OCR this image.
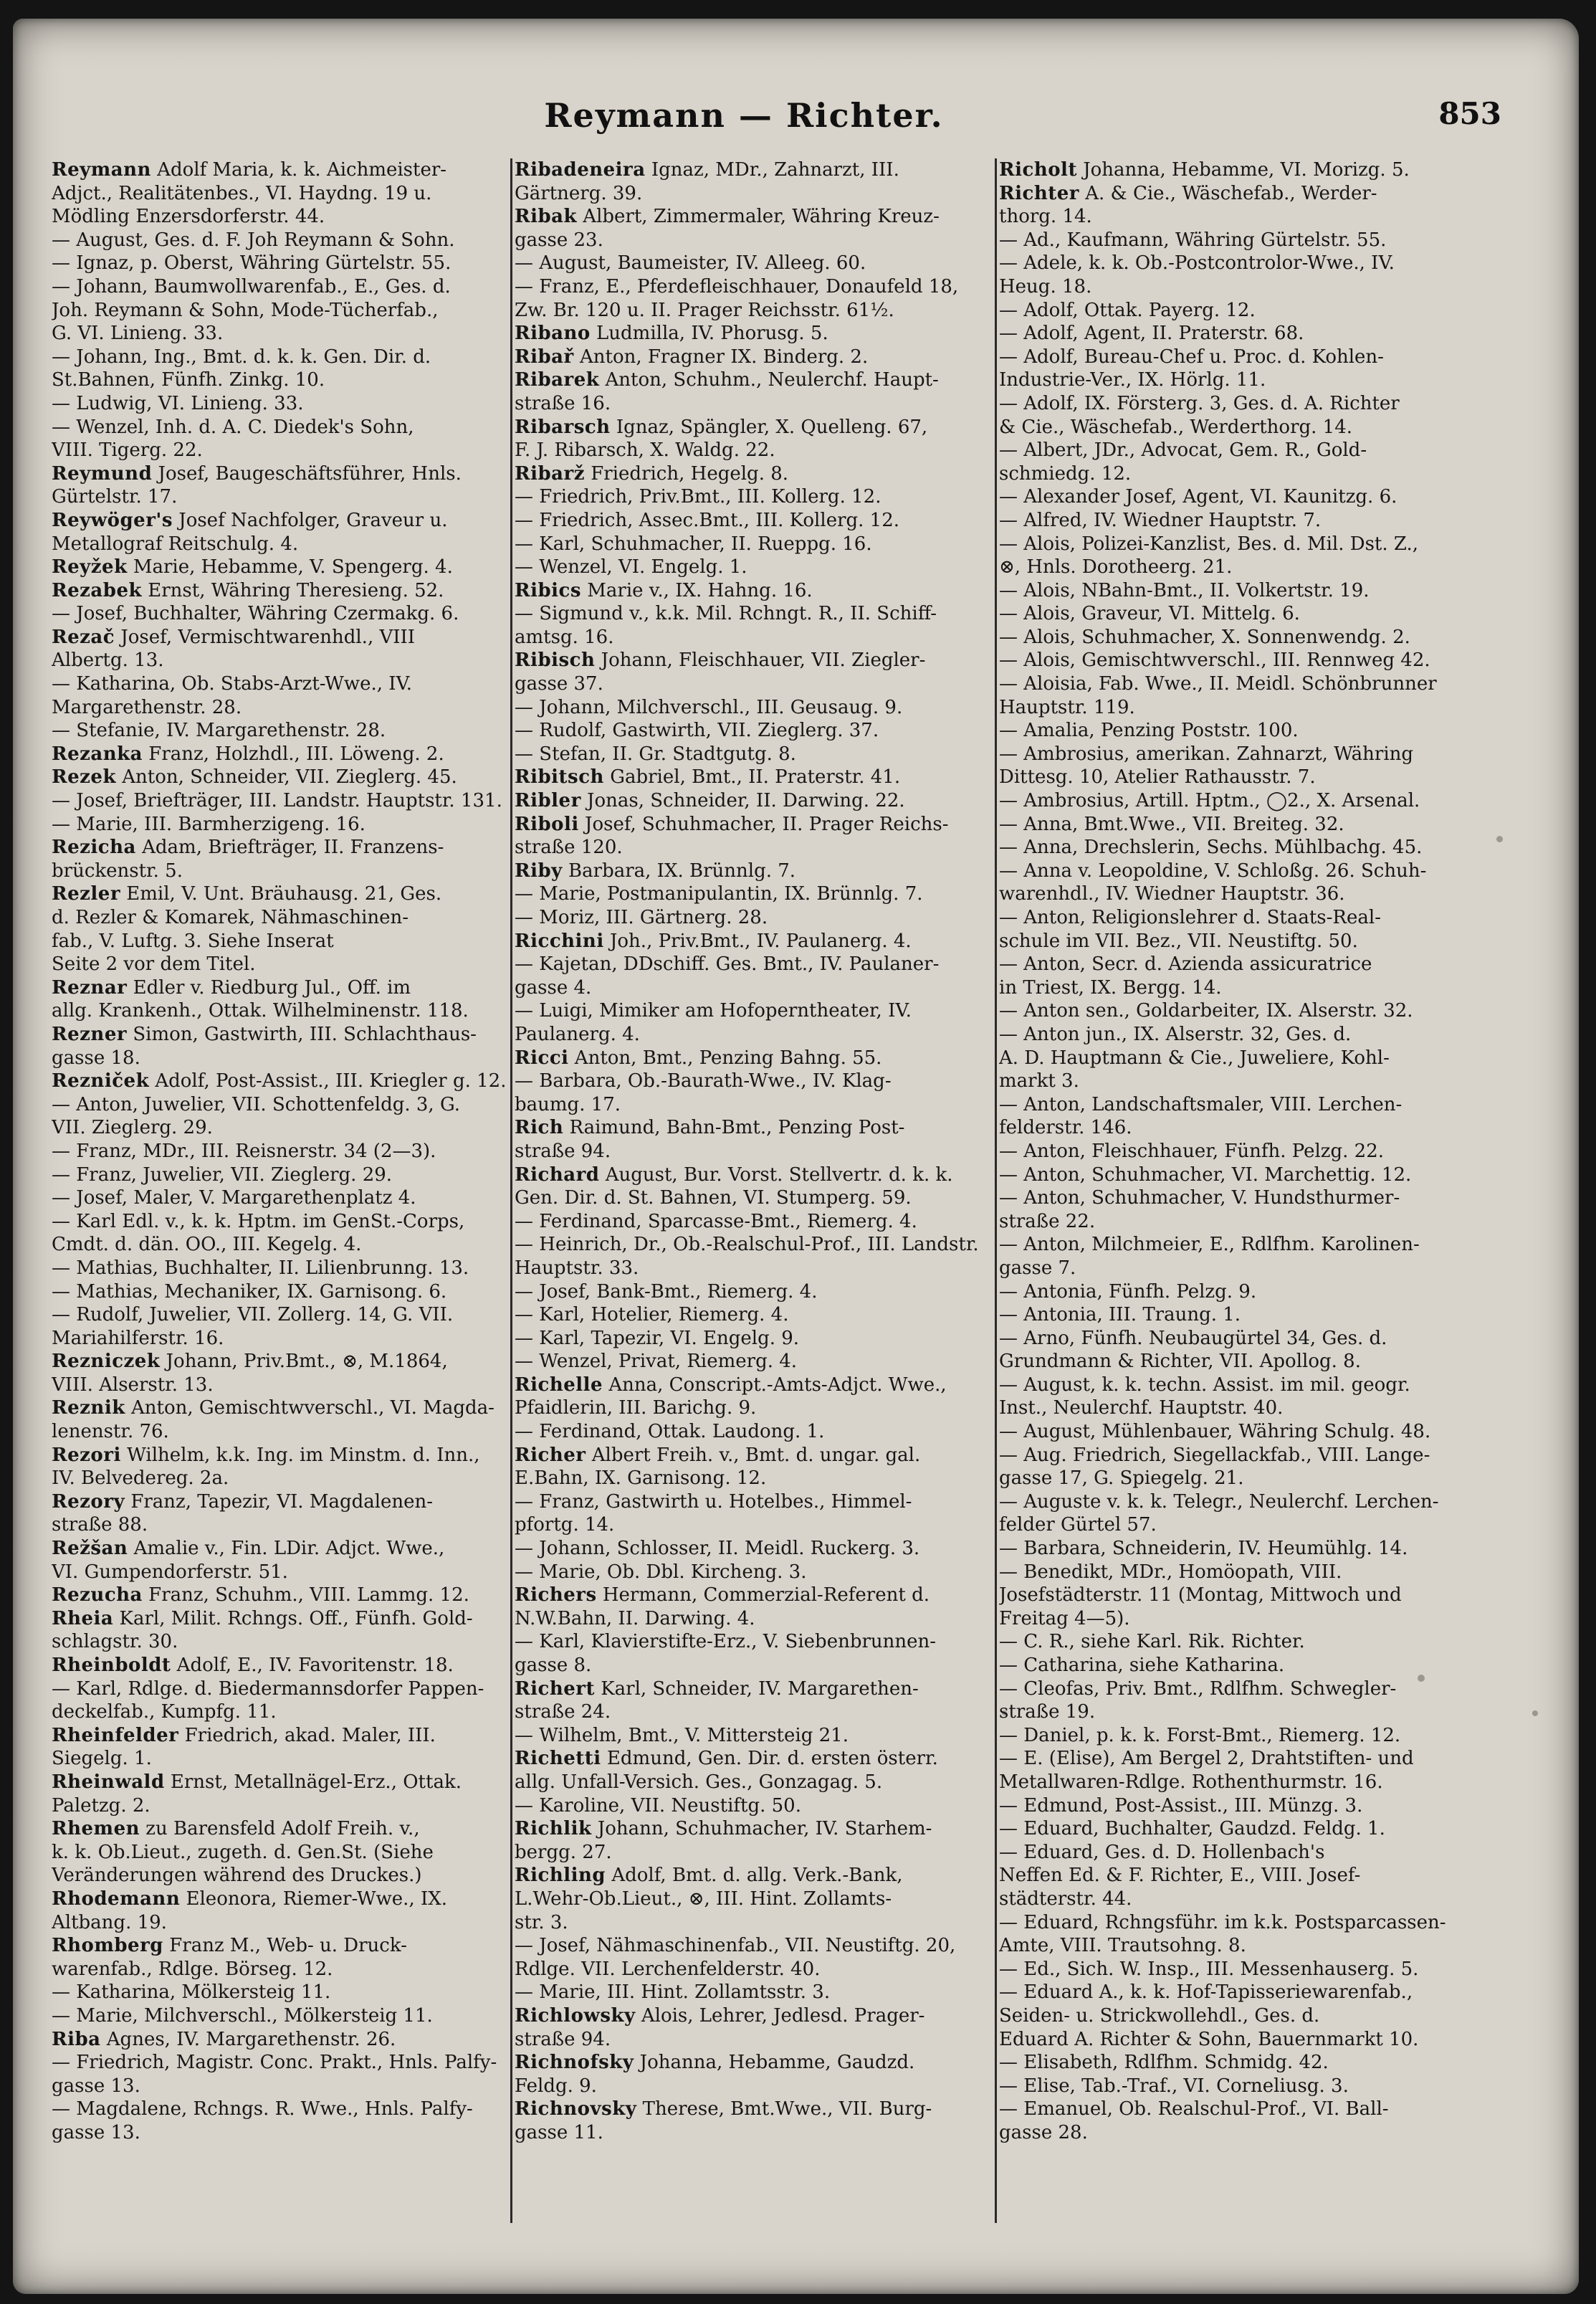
Reymann — Richter.	853
Reymann Adolf Maria, k. k. Aichmeister-
Adjct., Realitätenbes., VI. Haydng. 19 u.
Mödling Enzersdorferstr. 44.
— August, Ges. d. F. Joh Reymann & Sohn.
— Ignaz, p. Oberst, Währing Gürtelstr. 55.
— Johann, Baumwollwarenfab., E., Ges. d.
Joh. Reymann & Sohn, Mode-Tücherfab.,
G. VI. Linieng. 33.
— Johann, Ing., Bmt. d. k. k. Gen. Dir. d.
St.Bahnen, Fünfh. Zinkg. 10.
— Ludwig, VI. Linieng. 33.
— Wenzel, Inh. d. A. C. Diedek's Sohn,
VIII. Tigerg. 22.
Reymund Josef, Baugeschäftsführer, Hnls.
Gürtelstr. 17.
Reywöger's Josef Nachfolger, Graveur u.
Metallograf Reitschulg. 4.
Reyžek Marie, Hebamme, V. Spengerg. 4.
Rezabek Ernst, Währing Theresieng. 52.
— Josef, Buchhalter, Währing Czermakg. 6.
Rezač Josef, Vermischtwarenhdl., VIII
Albertg. 13.
— Katharina, Ob. Stabs-Arzt-Wwe., IV.
Margarethenstr. 28.
— Stefanie, IV. Margarethenstr. 28.
Rezanka Franz, Holzhdl., III. Löweng. 2.
Rezek Anton, Schneider, VII. Zieglerg. 45.
— Josef, Briefträger, III. Landstr. Hauptstr. 131.
— Marie, III. Barmherzigeng. 16.
Rezicha Adam, Briefträger, II. Franzens-
brückenstr. 5.
Rezler Emil, V. Unt. Bräuhausg. 21, Ges.
d. Rezler & Komarek, Nähmaschinen-
fab., V. Luftg. 3. Siehe Inserat
Seite 2 vor dem Titel.
Reznar Edler v. Riedburg Jul., Off. im
allg. Krankenh., Ottak. Wilhelminenstr. 118.
Rezner Simon, Gastwirth, III. Schlachthaus-
gasse 18.
Rezniček Adolf, Post-Assist., III. Kriegler g. 12.
— Anton, Juwelier, VII. Schottenfeldg. 3, G.
VII. Zieglerg. 29.
— Franz, MDr., III. Reisnerstr. 34 (2—3).
— Franz, Juwelier, VII. Zieglerg. 29.
— Josef, Maler, V. Margarethenplatz 4.
— Karl Edl. v., k. k. Hptm. im GenSt.-Corps,
Cmdt. d. dän. OO., III. Kegelg. 4.
— Mathias, Buchhalter, II. Lilienbrunng. 13.
— Mathias, Mechaniker, IX. Garnisong. 6.
— Rudolf, Juwelier, VII. Zollerg. 14, G. VII.
Mariahilferstr. 16.
Rezniczek Johann, Priv.Bmt., ⊗, M.1864,
VIII. Alserstr. 13.
Reznik Anton, Gemischtwverschl., VI. Magda-
lenenstr. 76.
Rezori Wilhelm, k.k. Ing. im Minstm. d. Inn.,
IV. Belvedereg. 2a.
Rezory Franz, Tapezir, VI. Magdalenen-
straße 88.
Režšan Amalie v., Fin. LDir. Adjct. Wwe.,
VI. Gumpendorferstr. 51.
Rezucha Franz, Schuhm., VIII. Lammg. 12.
Rheia Karl, Milit. Rchngs. Off., Fünfh. Gold-
schlagstr. 30.
Rheinboldt Adolf, E., IV. Favoritenstr. 18.
— Karl, Rdlge. d. Biedermannsdorfer Pappen-
deckelfab., Kumpfg. 11.
Rheinfelder Friedrich, akad. Maler, III.
Siegelg. 1.
Rheinwald Ernst, Metallnägel-Erz., Ottak.
Paletzg. 2.
Rhemen zu Barensfeld Adolf Freih. v.,
k. k. Ob.Lieut., zugeth. d. Gen.St. (Siehe
Veränderungen während des Druckes.)
Rhodemann Eleonora, Riemer-Wwe., IX.
Altbang. 19.
Rhomberg Franz M., Web- u. Druck-
warenfab., Rdlge. Börseg. 12.
— Katharina, Mölkersteig 11.
— Marie, Milchverschl., Mölkersteig 11.
Riba Agnes, IV. Margarethenstr. 26.
— Friedrich, Magistr. Conc. Prakt., Hnls. Palfy-
gasse 13.
— Magdalene, Rchngs. R. Wwe., Hnls. Palfy-
gasse 13.
Ribadeneira Ignaz, MDr., Zahnarzt, III.
Gärtnerg. 39.
Ribak Albert, Zimmermaler, Währing Kreuz-
gasse 23.
— August, Baumeister, IV. Alleeg. 60.
— Franz, E., Pferdefleischhauer, Donaufeld 18,
Zw. Br. 120 u. II. Prager Reichsstr. 61½.
Ribano Ludmilla, IV. Phorusg. 5.
Ribař Anton, Fragner IX. Binderg. 2.
Ribarek Anton, Schuhm., Neulerchf. Haupt-
straße 16.
Ribarsch Ignaz, Spängler, X. Quelleng. 67,
F. J. Ribarsch, X. Waldg. 22.
Ribarž Friedrich, Hegelg. 8.
— Friedrich, Priv.Bmt., III. Kollerg. 12.
— Friedrich, Assec.Bmt., III. Kollerg. 12.
— Karl, Schuhmacher, II. Rueppg. 16.
— Wenzel, VI. Engelg. 1.
Ribics Marie v., IX. Hahng. 16.
— Sigmund v., k.k. Mil. Rchngt. R., II. Schiff-
amtsg. 16.
Ribisch Johann, Fleischhauer, VII. Ziegler-
gasse 37.
— Johann, Milchverschl., III. Geusaug. 9.
— Rudolf, Gastwirth, VII. Zieglerg. 37.
— Stefan, II. Gr. Stadtgutg. 8.
Ribitsch Gabriel, Bmt., II. Praterstr. 41.
Ribler Jonas, Schneider, II. Darwing. 22.
Riboli Josef, Schuhmacher, II. Prager Reichs-
straße 120.
Riby Barbara, IX. Brünnlg. 7.
— Marie, Postmanipulantin, IX. Brünnlg. 7.
— Moriz, III. Gärtnerg. 28.
Ricchini Joh., Priv.Bmt., IV. Paulanerg. 4.
— Kajetan, DDschiff. Ges. Bmt., IV. Paulaner-
gasse 4.
— Luigi, Mimiker am Hofoperntheater, IV.
Paulanerg. 4.
Ricci Anton, Bmt., Penzing Bahng. 55.
— Barbara, Ob.-Baurath-Wwe., IV. Klag-
baumg. 17.
Rich Raimund, Bahn-Bmt., Penzing Post-
straße 94.
Richard August, Bur. Vorst. Stellvertr. d. k. k.
Gen. Dir. d. St. Bahnen, VI. Stumperg. 59.
— Ferdinand, Sparcasse-Bmt., Riemerg. 4.
— Heinrich, Dr., Ob.-Realschul-Prof., III. Landstr.
Hauptstr. 33.
— Josef, Bank-Bmt., Riemerg. 4.
— Karl, Hotelier, Riemerg. 4.
— Karl, Tapezir, VI. Engelg. 9.
— Wenzel, Privat, Riemerg. 4.
Richelle Anna, Conscript.-Amts-Adjct. Wwe.,
Pfaidlerin, III. Barichg. 9.
— Ferdinand, Ottak. Laudong. 1.
Richer Albert Freih. v., Bmt. d. ungar. gal.
E.Bahn, IX. Garnisong. 12.
— Franz, Gastwirth u. Hotelbes., Himmel-
pfortg. 14.
— Johann, Schlosser, II. Meidl. Ruckerg. 3.
— Marie, Ob. Dbl. Kircheng. 3.
Richers Hermann, Commerzial-Referent d.
N.W.Bahn, II. Darwing. 4.
— Karl, Klavierstifte-Erz., V. Siebenbrunnen-
gasse 8.
Richert Karl, Schneider, IV. Margarethen-
straße 24.
— Wilhelm, Bmt., V. Mittersteig 21.
Richetti Edmund, Gen. Dir. d. ersten österr.
allg. Unfall-Versich. Ges., Gonzagag. 5.
— Karoline, VII. Neustiftg. 50.
Richlik Johann, Schuhmacher, IV. Starhem-
bergg. 27.
Richling Adolf, Bmt. d. allg. Verk.-Bank,
L.Wehr-Ob.Lieut., ⊗, III. Hint. Zollamts-
str. 3.
— Josef, Nähmaschinenfab., VII. Neustiftg. 20,
Rdlge. VII. Lerchenfelderstr. 40.
— Marie, III. Hint. Zollamtsstr. 3.
Richlowsky Alois, Lehrer, Jedlesd. Prager-
straße 94.
Richnofsky Johanna, Hebamme, Gaudzd.
Feldg. 9.
Richnovsky Therese, Bmt.Wwe., VII. Burg-
gasse 11.
Richolt Johanna, Hebamme, VI. Morizg. 5.
Richter A. & Cie., Wäschefab., Werder-
thorg. 14.
— Ad., Kaufmann, Währing Gürtelstr. 55.
— Adele, k. k. Ob.-Postcontrolor-Wwe., IV.
Heug. 18.
— Adolf, Ottak. Payerg. 12.
— Adolf, Agent, II. Praterstr. 68.
— Adolf, Bureau-Chef u. Proc. d. Kohlen-
Industrie-Ver., IX. Hörlg. 11.
— Adolf, IX. Försterg. 3, Ges. d. A. Richter
& Cie., Wäschefab., Werderthorg. 14.
— Albert, JDr., Advocat, Gem. R., Gold-
schmiedg. 12.
— Alexander Josef, Agent, VI. Kaunitzg. 6.
— Alfred, IV. Wiedner Hauptstr. 7.
— Alois, Polizei-Kanzlist, Bes. d. Mil. Dst. Z.,
⊗, Hnls. Dorotheerg. 21.
— Alois, NBahn-Bmt., II. Volkertstr. 19.
— Alois, Graveur, VI. Mittelg. 6.
— Alois, Schuhmacher, X. Sonnenwendg. 2.
— Alois, Gemischtwverschl., III. Rennweg 42.
— Aloisia, Fab. Wwe., II. Meidl. Schönbrunner
Hauptstr. 119.
— Amalia, Penzing Poststr. 100.
— Ambrosius, amerikan. Zahnarzt, Währing
Dittesg. 10, Atelier Rathausstr. 7.
— Ambrosius, Artill. Hptm., ◯2., X. Arsenal.
— Anna, Bmt.Wwe., VII. Breiteg. 32.
— Anna, Drechslerin, Sechs. Mühlbachg. 45.
— Anna v. Leopoldine, V. Schloßg. 26. Schuh-
warenhdl., IV. Wiedner Hauptstr. 36.
— Anton, Religionslehrer d. Staats-Real-
schule im VII. Bez., VII. Neustiftg. 50.
— Anton, Secr. d. Azienda assicuratrice
in Triest, IX. Bergg. 14.
— Anton sen., Goldarbeiter, IX. Alserstr. 32.
— Anton jun., IX. Alserstr. 32, Ges. d.
A. D. Hauptmann & Cie., Juweliere, Kohl-
markt 3.
— Anton, Landschaftsmaler, VIII. Lerchen-
felderstr. 146.
— Anton, Fleischhauer, Fünfh. Pelzg. 22.
— Anton, Schuhmacher, VI. Marchettig. 12.
— Anton, Schuhmacher, V. Hundsthurmer-
straße 22.
— Anton, Milchmeier, E., Rdlfhm. Karolinen-
gasse 7.
— Antonia, Fünfh. Pelzg. 9.
— Antonia, III. Traung. 1.
— Arno, Fünfh. Neubaugürtel 34, Ges. d.
Grundmann & Richter, VII. Apollog. 8.
— August, k. k. techn. Assist. im mil. geogr.
Inst., Neulerchf. Hauptstr. 40.
— August, Mühlenbauer, Währing Schulg. 48.
— Aug. Friedrich, Siegellackfab., VIII. Lange-
gasse 17, G. Spiegelg. 21.
— Auguste v. k. k. Telegr., Neulerchf. Lerchen-
felder Gürtel 57.
— Barbara, Schneiderin, IV. Heumühlg. 14.
— Benedikt, MDr., Homöopath, VIII.
Josefstädterstr. 11 (Montag, Mittwoch und
Freitag 4—5).
— C. R., siehe Karl. Rik. Richter.
— Catharina, siehe Katharina.
— Cleofas, Priv. Bmt., Rdlfhm. Schwegler-
straße 19.
— Daniel, p. k. k. Forst-Bmt., Riemerg. 12.
— E. (Elise), Am Bergel 2, Drahtstiften- und
Metallwaren-Rdlge. Rothenthurmstr. 16.
— Edmund, Post-Assist., III. Münzg. 3.
— Eduard, Buchhalter, Gaudzd. Feldg. 1.
— Eduard, Ges. d. D. Hollenbach's
Neffen Ed. & F. Richter, E., VIII. Josef-
städterstr. 44.
— Eduard, Rchngsführ. im k.k. Postsparcassen-
Amte, VIII. Trautsohng. 8.
— Ed., Sich. W. Insp., III. Messenhauserg. 5.
— Eduard A., k. k. Hof-Tapisseriewarenfab.,
Seiden- u. Strickwollehdl., Ges. d.
Eduard A. Richter & Sohn, Bauernmarkt 10.
— Elisabeth, Rdlfhm. Schmidg. 42.
— Elise, Tab.-Traf., VI. Corneliusg. 3.
— Emanuel, Ob. Realschul-Prof., VI. Ball-
gasse 28.
